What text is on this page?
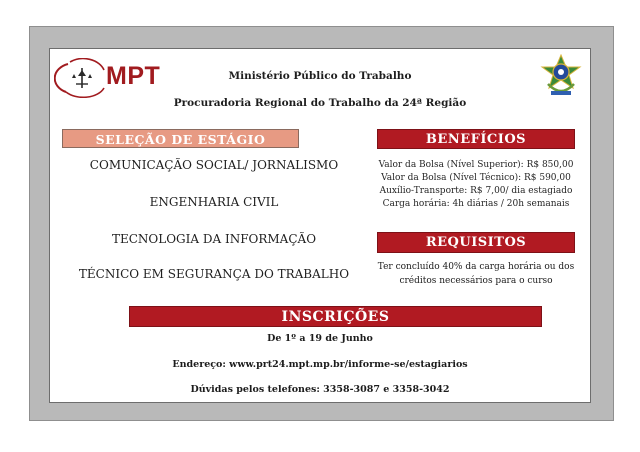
MPT	Ministério Público do Trabalho
Procuradoria Regional do Trabalho da 24ª Região
SELEÇÃO DE ESTÁGIO
COMUNICAÇÃO SOCIAL/ JORNALISMO
ENGENHARIA CIVIL
TECNOLOGIA DA INFORMAÇÃO
TÉCNICO EM SEGURANÇA DO TRABALHO
BENEFÍCIOS
Valor da Bolsa (Nível Superior): R$ 850,00
Valor da Bolsa (Nível Técnico): R$ 590,00
Auxílio-Transporte: R$ 7,00/ dia estagiado
Carga horária: 4h diárias / 20h semanais
REQUISITOS
Ter concluído 40% da carga horária ou dos
créditos necessários para o curso
INSCRIÇÕES
De 1º a 19 de Junho
Endereço: www.prt24.mpt.mp.br/informe-se/estagiarios
Dúvidas pelos telefones: 3358-3087 e 3358-3042
